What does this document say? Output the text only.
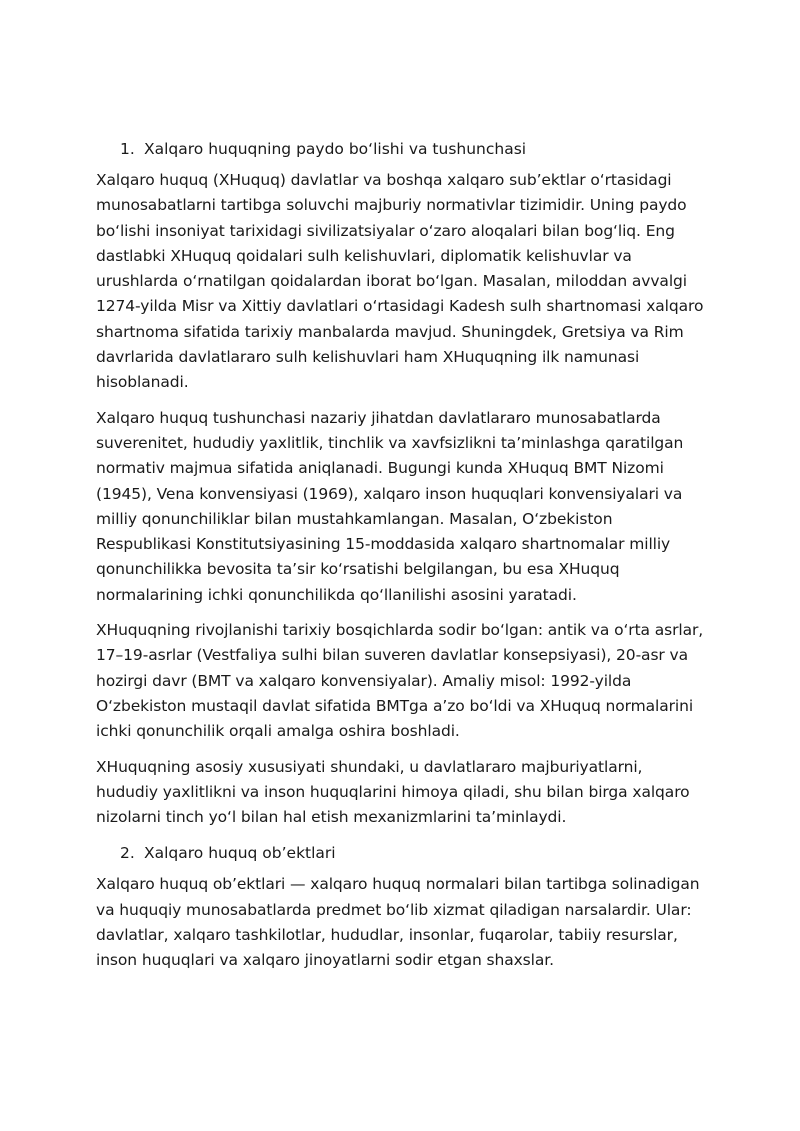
1. Xalqaro huquqning paydo bo‘lishi va tushunchasi

Xalqaro huquq (XHuquq) davlatlar va boshqa xalqaro sub’ektlar o‘rtasidagi munosabatlarni tartibga soluvchi majburiy normativlar tizimidir. Uning paydo bo‘lishi insoniyat tarixidagi sivilizatsiyalar o‘zaro aloqalari bilan bog‘liq. Eng dastlabki XHuquq qoidalari sulh kelishuvlari, diplomatik kelishuvlar va urushlarda o‘rnatilgan qoidalardan iborat bo‘lgan. Masalan, miloddan avvalgi 1274-yilda Misr va Xittiy davlatlari o‘rtasidagi Kadesh sulh shartnomasi xalqaro shartnoma sifatida tarixiy manbalarda mavjud. Shuningdek, Gretsiya va Rim davrlarida davlatlararo sulh kelishuvlari ham XHuquqning ilk namunasi hisoblanadi.

Xalqaro huquq tushunchasi nazariy jihatdan davlatlararo munosabatlarda suverenitet, hududiy yaxlitlik, tinchlik va xavfsizlikni ta’minlashga qaratilgan normativ majmua sifatida aniqlanadi. Bugungi kunda XHuquq BMT Nizomi (1945), Vena konvensiyasi (1969), xalqaro inson huquqlari konvensiyalari va milliy qonunchiliklar bilan mustahkamlangan. Masalan, O‘zbekiston Respublikasi Konstitutsiyasining 15-moddasida xalqaro shartnomalar milliy qonunchilikka bevosita ta’sir ko‘rsatishi belgilangan, bu esa XHuquq normalarining ichki qonunchilikda qo‘llanilishi asosini yaratadi.

XHuquqning rivojlanishi tarixiy bosqichlarda sodir bo‘lgan: antik va o‘rta asrlar, 17–19-asrlar (Vestfaliya sulhi bilan suveren davlatlar konsepsiyasi), 20-asr va hozirgi davr (BMT va xalqaro konvensiyalar). Amaliy misol: 1992-yilda O‘zbekiston mustaqil davlat sifatida BMTga a’zo bo‘ldi va XHuquq normalarini ichki qonunchilik orqali amalga oshira boshladi.

XHuquqning asosiy xususiyati shundaki, u davlatlararo majburiyatlarni, hududiy yaxlitlikni va inson huquqlarini himoya qiladi, shu bilan birga xalqaro nizolarni tinch yo‘l bilan hal etish mexanizmlarini ta’minlaydi.

2. Xalqaro huquq ob’ektlari

Xalqaro huquq ob’ektlari — xalqaro huquq normalari bilan tartibga solinadigan va huquqiy munosabatlarda predmet bo‘lib xizmat qiladigan narsalardir. Ular: davlatlar, xalqaro tashkilotlar, hududlar, insonlar, fuqarolar, tabiiy resurslar, inson huquqlari va xalqaro jinoyatlarni sodir etgan shaxslar.
